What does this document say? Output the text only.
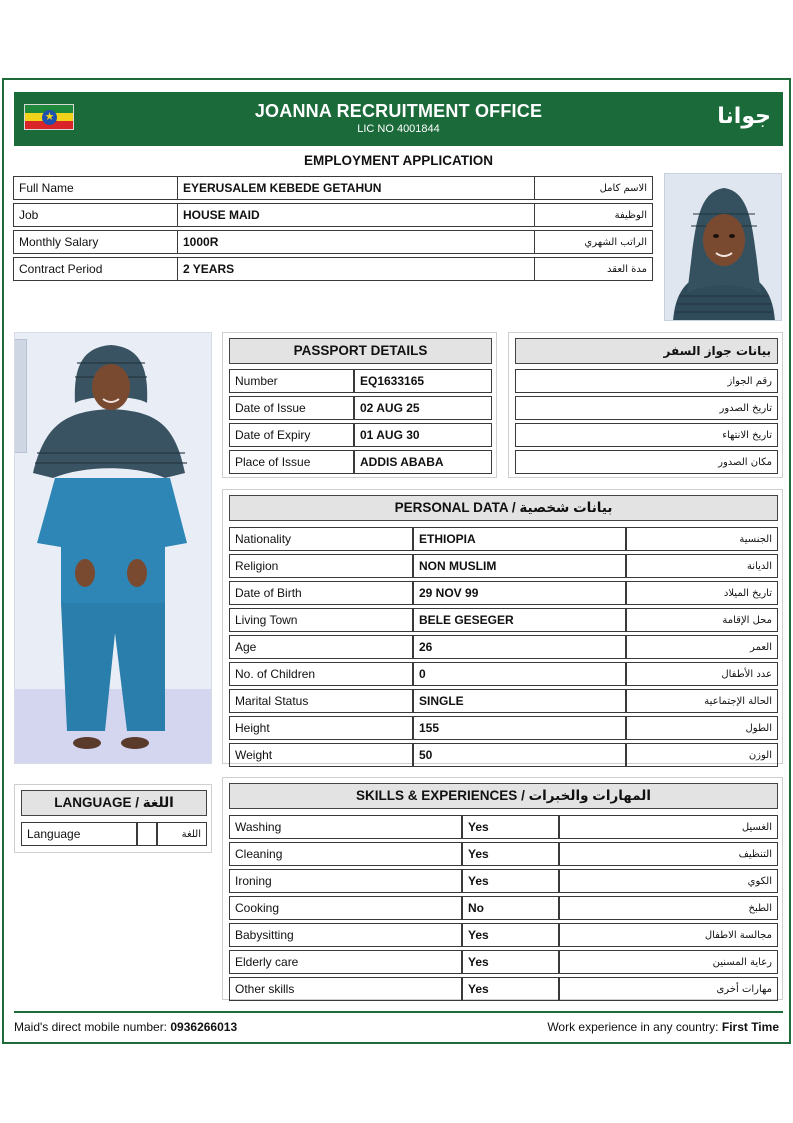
★	JOANNA RECRUITMENT OFFICE
LIC NO 4001844	جوانا
EMPLOYMENT APPLICATION
Full Name	EYERUSALEM KEBEDE GETAHUN	الاسم كامل
Job	HOUSE MAID	الوظيفة
Monthly Salary	1000R	الراتب الشهري
Contract Period	2 YEARS	مدة العقد
PASSPORT DETAILS
Number	EQ1633165
Date of Issue	02 AUG 25
Date of Expiry	01 AUG 30
Place of Issue	ADDIS ABABA
بيانات جواز السفر
رقم الجواز
تاريخ الصدور
تاريخ الانتهاء
مكان الصدور
PERSONAL DATA / بيانات شخصية
Nationality	ETHIOPIA	الجنسية
Religion	NON MUSLIM	الديانة
Date of Birth	29 NOV 99	تاريخ الميلاد
Living Town	BELE GESEGER	محل الإقامة
Age	26	العمر
No. of Children	0	عدد الأطفال
Marital Status	SINGLE	الحالة الإجتماعية
Height	155	الطول
Weight	50	الوزن
LANGUAGE / اللغة
Language		اللغة
SKILLS & EXPERIENCES / المهارات والخبرات
Washing	Yes	الغسيل
Cleaning	Yes	التنظيف
Ironing	Yes	الكوي
Cooking	No	الطبخ
Babysitting	Yes	مجالسة الاطفال
Elderly care	Yes	رعاية المسنين
Other skills	Yes	مهارات أخرى
Maid's direct mobile number: 0936266013	Work experience in any country: First Time
